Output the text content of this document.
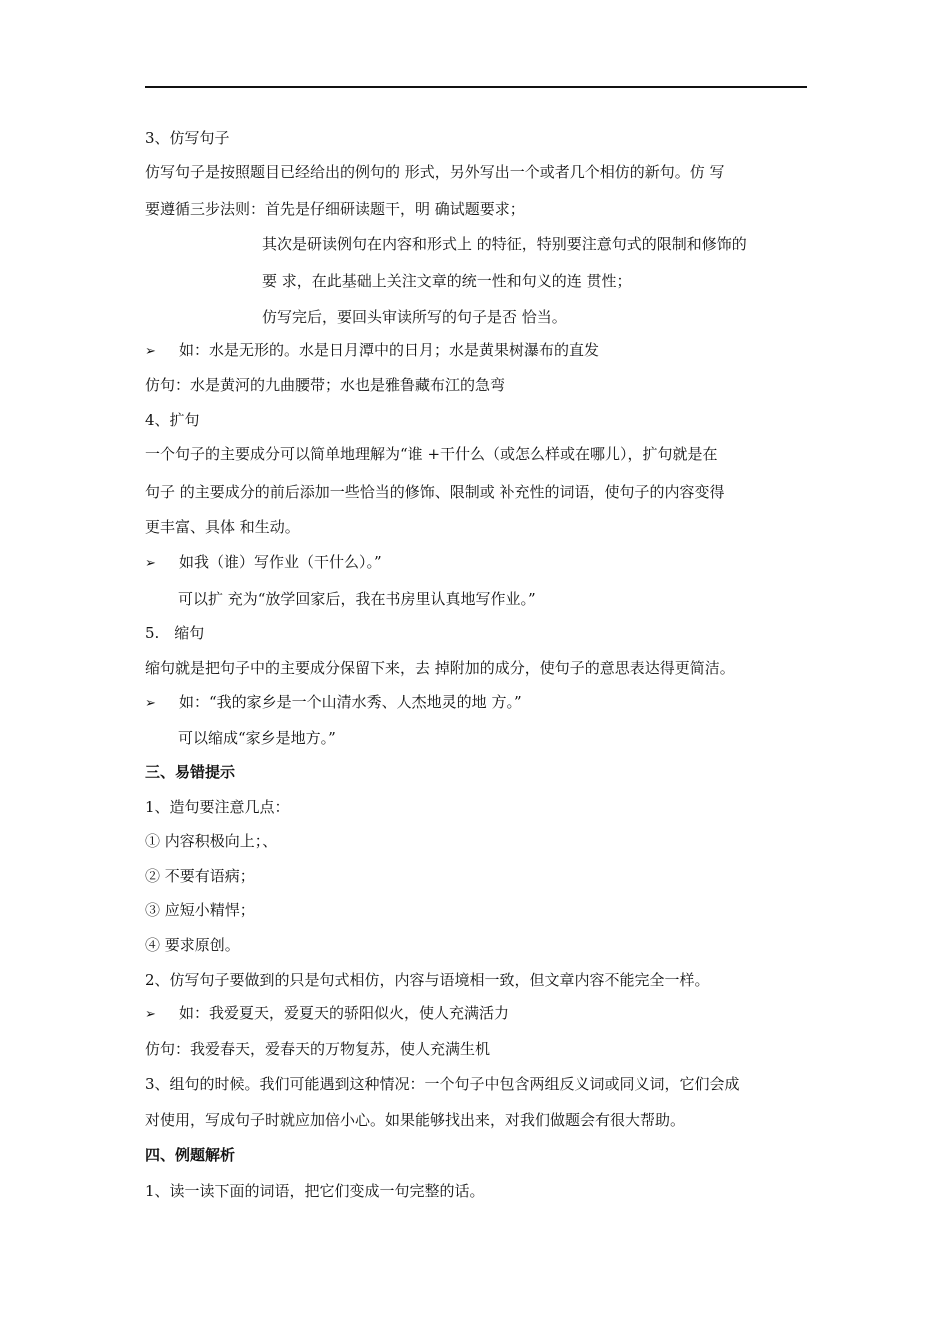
3、仿写句子
仿写句子是按照题目已经给出的例句的 形式，另外写出一个或者几个相仿的新句。仿 写
要遵循三步法则：首先是仔细研读题干，明 确试题要求；
其次是研读例句在内容和形式上 的特征，特别要注意句式的限制和修饰的
要 求，在此基础上关注文章的统一性和句义的连 贯性；
仿写完后，要回头审读所写的句子是否 恰当。
➢ 如：水是无形的。水是日月潭中的日月；水是黄果树瀑布的直发
仿句：水是黄河的九曲腰带；水也是雅鲁藏布江的急弯
4、扩句
一个句子的主要成分可以简单地理解为“谁 +干什么（或怎么样或在哪儿），扩句就是在
句子 的主要成分的前后添加一些恰当的修饰、限制或 补充性的词语，使句子的内容变得
更丰富、具体 和生动。
➢ 如我（谁）写作业（干什么）。”
可以扩 充为“放学回家后，我在书房里认真地写作业。”
5.　缩句
缩句就是把句子中的主要成分保留下来，去 掉附加的成分，使句子的意思表达得更简洁。
➢ 如：“我的家乡是一个山清水秀、人杰地灵的地 方。”
可以缩成“家乡是地方。”
三、易错提示
1、造句要注意几点：
① 内容积极向上；、
② 不要有语病；
③ 应短小精悍；
④ 要求原创。
2、仿写句子要做到的只是句式相仿，内容与语境相一致，但文章内容不能完全一样。
➢ 如：我爱夏天，爱夏天的骄阳似火，使人充满活力
仿句：我爱春天，爱春天的万物复苏，使人充满生机
3、组句的时候。我们可能遇到这种情况：一个句子中包含两组反义词或同义词，它们会成
对使用，写成句子时就应加倍小心。如果能够找出来，对我们做题会有很大帮助。
四、例题解析
1、读一读下面的词语，把它们变成一句完整的话。
